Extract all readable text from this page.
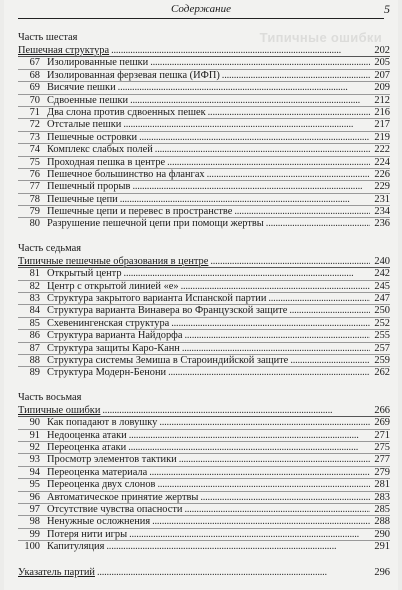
Содержание	5
Типичные ошибки
Часть шестая
Пешечная структура . . .	202
67 Изолированные пешки . . .	205
68 Изолированная ферзевая пешка (ИФП) . . .	207
69 Висячие пешки . . .	209
70 Сдвоенные пешки . . .	212
71 Два слона против сдвоенных пешек . . .	216
72 Отсталые пешки . . .	217
73 Пешечные островки . . .	219
74 Комплекс слабых полей . . .	222
75 Проходная пешка в центре . . .	224
76 Пешечное большинство на флангах . . .	226
77 Пешечный прорыв . . .	229
78 Пешечные цепи . . .	231
79 Пешечные цепи и перевес в пространстве . . .	234
80 Разрушение пешечной цепи при помощи жертвы . . .	236
Часть седьмая
Типичные пешечные образования в центре . . .	240
81 Открытый центр . . .	242
82 Центр с открытой линией «е» . . .	245
83 Структура закрытого варианта Испанской партии . . .	247
84 Структура варианта Винавера во Французской защите . . .	250
85 Схевенингенская структура . . .	252
86 Структура варианта Найдорфа . . .	255
87 Структура защиты Каро-Канн . . .	257
88 Структура системы Земиша в Староиндийской защите . . .	259
89 Структура Модерн-Бенони . . .	262
Часть восьмая
Типичные ошибки . . .	266
90 Как попадают в ловушку . . .	269
91 Недооценка атаки . . .	271
92 Переоценка атаки . . .	275
93 Просмотр элементов тактики . . .	277
94 Переоценка материала . . .	279
95 Переоценка двух слонов . . .	281
96 Автоматическое принятие жертвы . . .	283
97 Отсутствие чувства опасности . . .	285
98 Ненужные осложнения . . .	288
99 Потеря нити игры . . .	290
100 Капитуляция . . .	291
Указатель партий . . .	296
